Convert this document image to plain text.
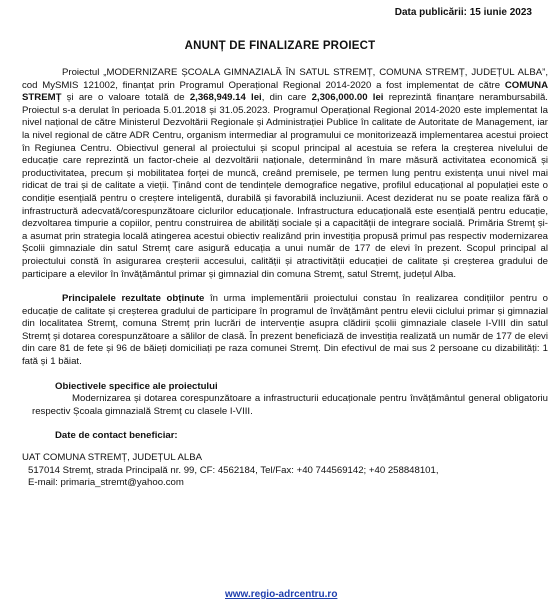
Data publicării: 15 iunie 2023
ANUNȚ DE FINALIZARE PROIECT

Proiectul „MODERNIZARE ȘCOALA GIMNAZIALĂ ÎN SATUL STREMȚ, COMUNA STREMȚ, JUDEȚUL ALBA”, cod MySMIS 121002, finanțat prin Programul Operațional Regional 2014-2020 a fost implementat de către COMUNA STREMȚ și are o valoare totală de 2,368,949.14 lei, din care 2,306,000.00 lei reprezintă finanțare nerambursabilă. Proiectul s-a derulat în perioada 5.01.2018 și 31.05.2023. Programul Operațional Regional 2014-2020 este implementat la nivel național de către Ministerul Dezvoltării Regionale și Administrației Publice în calitate de Autoritate de Management, iar la nivel regional de către ADR Centru, organism intermediar al programului ce monitorizează implementarea acestui proiect în Regiunea Centru. Obiectivul general al proiectului și scopul principal al acestuia se refera la creșterea nivelului de educație care reprezintă un factor-cheie al dezvoltării naționale, determinând în mare măsură activitatea economică și productivitatea, precum și mobilitatea forței de muncă, creând premisele, pe termen lung pentru existența unui nivel mai ridicat de trai și de calitate a vieții. Ținând cont de tendințele demografice negative, profilul educațional al populației este o condiție esențială pentru o creștere inteligentă, durabilă și favorabilă incluziunii. Acest deziderat nu se poate realiza fără o infrastructură adecvată/corespunzătoare ciclurilor educaționale. Infrastructura educațională este esențială pentru educație, dezvoltarea timpurie a copiilor, pentru construirea de abilități sociale și a capacității de integrare socială. Primăria Stremț și-a asumat prin strategia locală atingerea acestui obiectiv realizând prin investiția propusă primul pas respectiv modernizarea Școlii gimnaziale din satul Stremț care asigură educația a unui număr de 177 de elevi în prezent. Scopul principal al proiectului constă în asigurarea creșterii accesului, calității și atractivității educației de calitate și creșterea gradului de participare a elevilor în învățământul primar și gimnazial din comuna Stremț, satul Stremț, județul Alba.

Principalele rezultate obținute în urma implementării proiectului constau în realizarea condițiilor pentru o educație de calitate și creșterea gradului de participare în programul de învățământ pentru elevii ciclului primar și gimnazial din localitatea Stremț, comuna Stremț prin lucrări de intervenție asupra clădirii școlii gimnaziale clasele I-VIII din satul Stremț și dotarea corespunzătoare a sălilor de clasă. În prezent beneficiază de investiția realizată un număr de 177 de elevi din care 81 de fete și 96 de băieți domiciliați pe raza comunei Stremț. Din efectivul de mai sus 2 persoane cu dizabilități: 1 fată și 1 băiat.

Obiectivele specifice ale proiectului

Modernizarea și dotarea corespunzătoare a infrastructurii educaționale pentru învățământul general obligatoriu respectiv Școala gimnazială Stremț cu clasele I-VIII.

Date de contact beneficiar:

UAT COMUNA STREMȚ, JUDEȚUL ALBA

517014 Stremț, strada Principală nr. 99, CF: 4562184, Tel/Fax: +40 744569142; +40 258848101,

E-mail: primaria_stremt@yahoo.com

www.regio-adrcentru.ro
